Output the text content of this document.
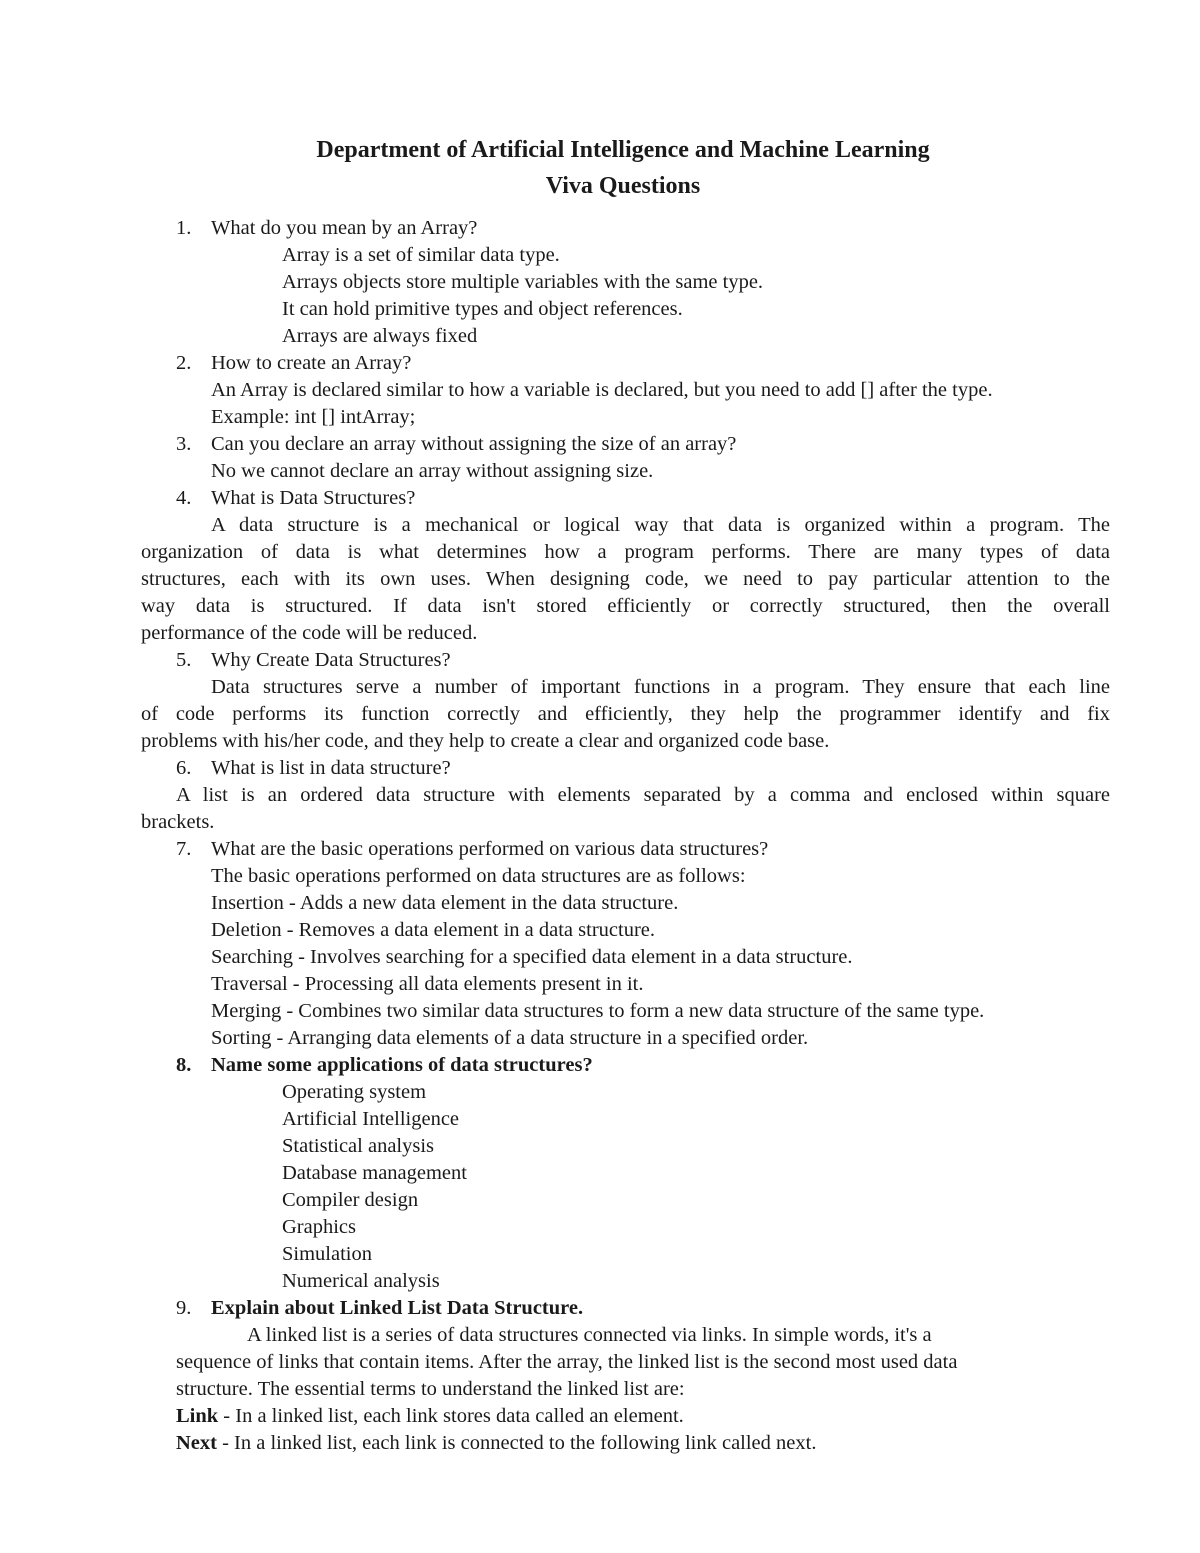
Department of Artificial Intelligence and Machine Learning
Viva Questions
1. What do you mean by an Array?
Array is a set of similar data type.
Arrays objects store multiple variables with the same type.
It can hold primitive types and object references.
Arrays are always fixed
2. How to create an Array?
An Array is declared similar to how a variable is declared, but you need to add [] after the type.
Example: int [] intArray;
3. Can you declare an array without assigning the size of an array?
No we cannot declare an array without assigning size.
4. What is Data Structures?
A data structure is a mechanical or logical way that data is organized within a program. The
organization of data is what determines how a program performs. There are many types of data
structures, each with its own uses. When designing code, we need to pay particular attention to the
way data is structured. If data isn't stored efficiently or correctly structured, then the overall
performance of the code will be reduced.
5. Why Create Data Structures?
Data structures serve a number of important functions in a program. They ensure that each line
of code performs its function correctly and efficiently, they help the programmer identify and fix
problems with his/her code, and they help to create a clear and organized code base.
6. What is list in data structure?
A list is an ordered data structure with elements separated by a comma and enclosed within square
brackets.
7. What are the basic operations performed on various data structures?
The basic operations performed on data structures are as follows:
Insertion - Adds a new data element in the data structure.
Deletion - Removes a data element in a data structure.
Searching - Involves searching for a specified data element in a data structure.
Traversal - Processing all data elements present in it.
Merging - Combines two similar data structures to form a new data structure of the same type.
Sorting - Arranging data elements of a data structure in a specified order.
8. Name some applications of data structures?
Operating system
Artificial Intelligence
Statistical analysis
Database management
Compiler design
Graphics
Simulation
Numerical analysis
9. Explain about Linked List Data Structure.
A linked list is a series of data structures connected via links. In simple words, it's a
sequence of links that contain items. After the array, the linked list is the second most used data
structure. The essential terms to understand the linked list are:
Link - In a linked list, each link stores data called an element.
Next - In a linked list, each link is connected to the following link called next.
